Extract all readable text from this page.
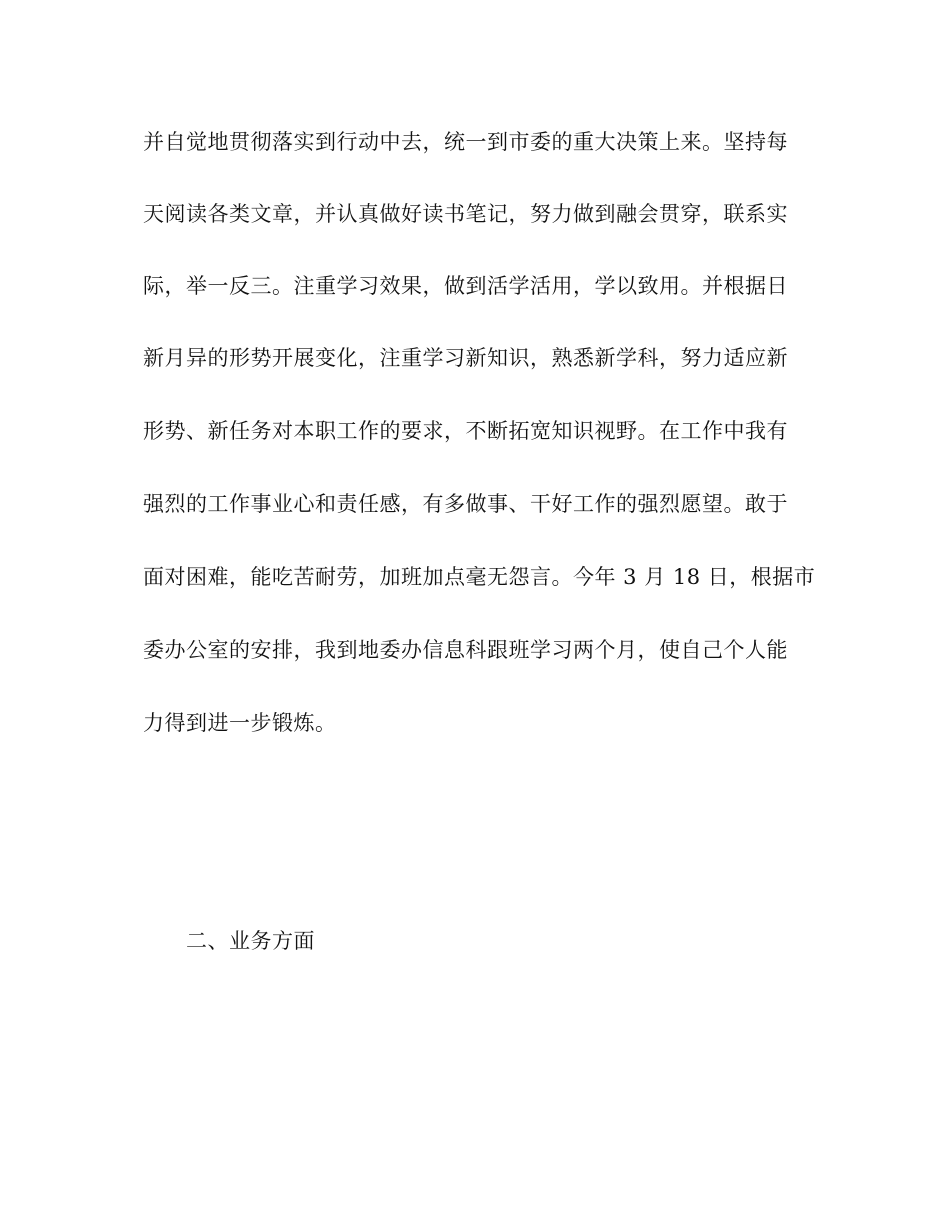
并自觉地贯彻落实到行动中去，统一到市委的重大决策上来。坚持每
天阅读各类文章，并认真做好读书笔记，努力做到融会贯穿，联系实
际，举一反三。注重学习效果，做到活学活用，学以致用。并根据日
新月异的形势开展变化，注重学习新知识，熟悉新学科，努力适应新
形势、新任务对本职工作的要求，不断拓宽知识视野。在工作中我有
强烈的工作事业心和责任感，有多做事、干好工作的强烈愿望。敢于
面对困难，能吃苦耐劳，加班加点毫无怨言。今年 3 月 18 日，根据市
委办公室的安排，我到地委办信息科跟班学习两个月，使自己个人能
力得到进一步锻炼。
二、业务方面
